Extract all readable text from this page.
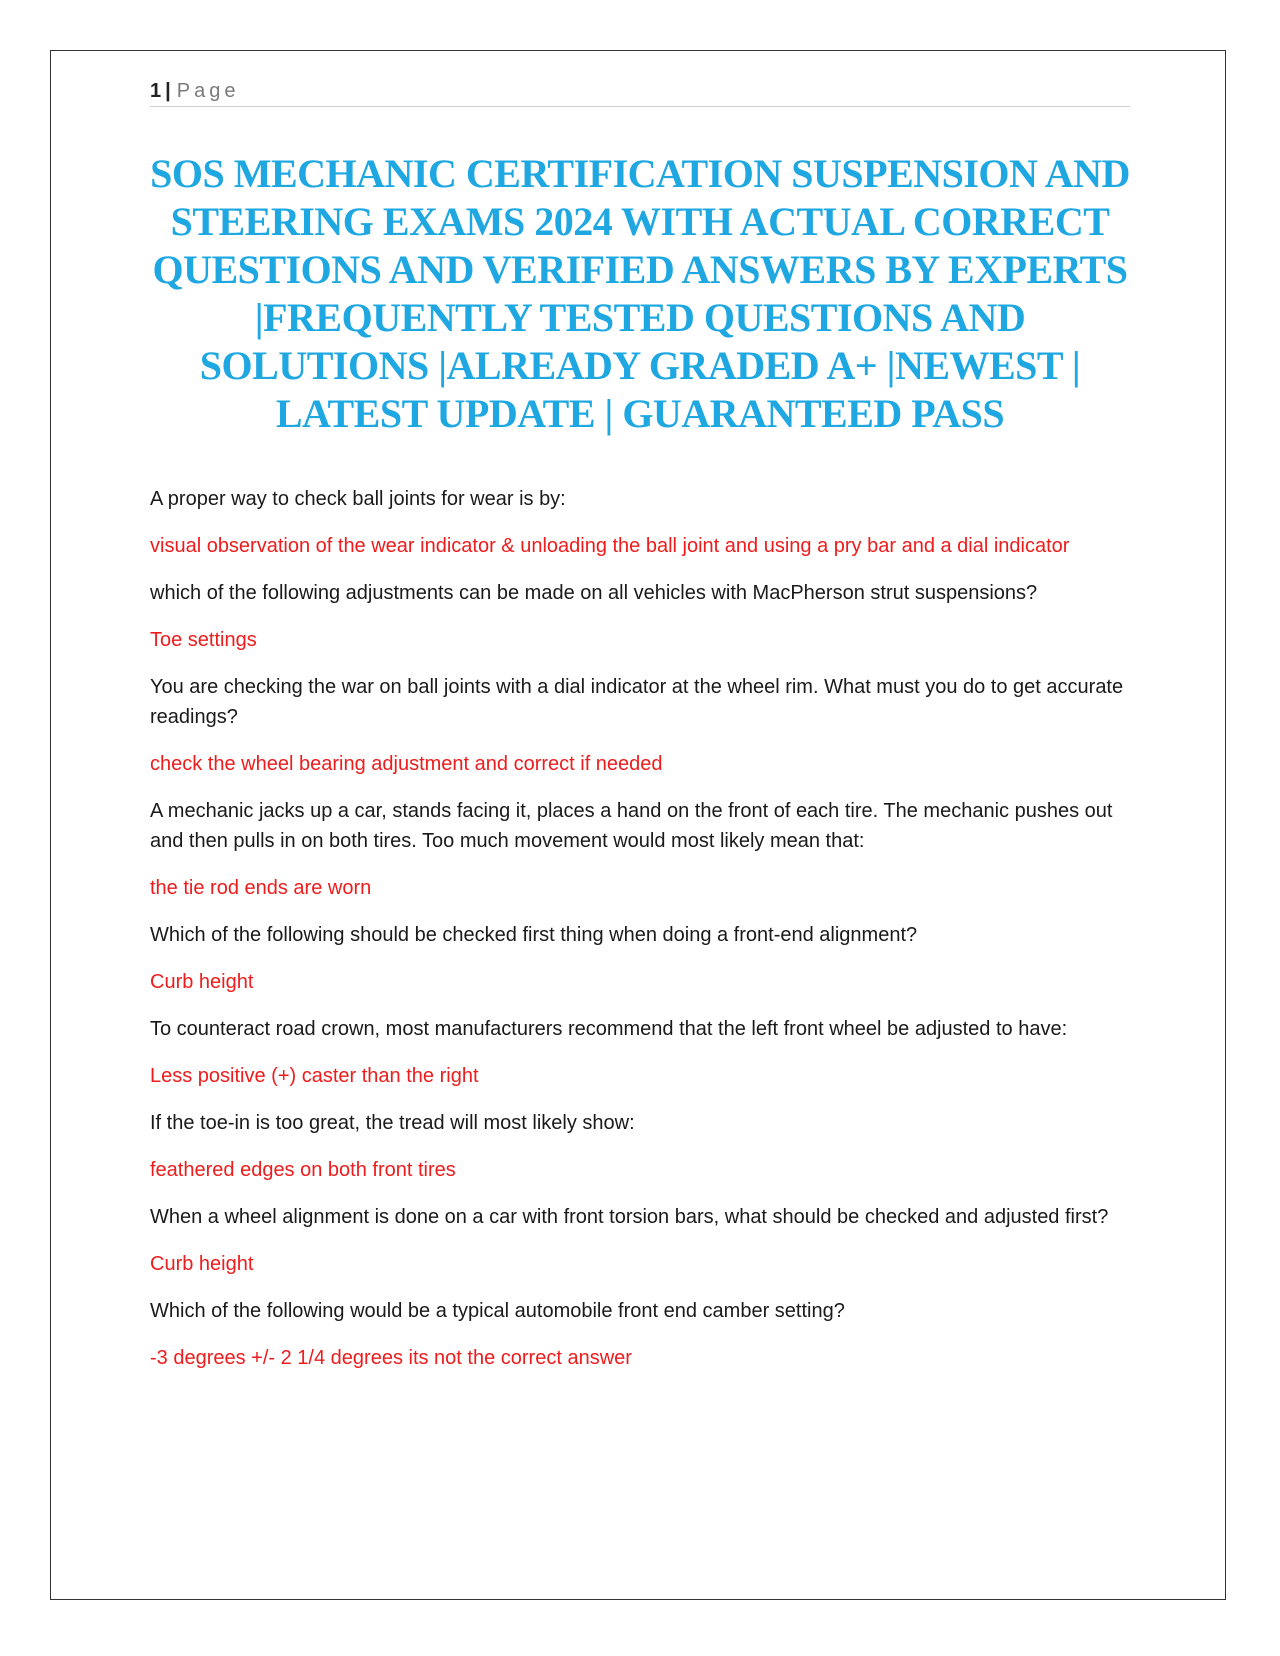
1 | Page
SOS MECHANIC CERTIFICATION SUSPENSION AND STEERING EXAMS 2024 WITH ACTUAL CORRECT QUESTIONS AND VERIFIED ANSWERS BY EXPERTS |FREQUENTLY TESTED QUESTIONS AND SOLUTIONS |ALREADY GRADED A+ |NEWEST | LATEST UPDATE | GUARANTEED PASS

A proper way to check ball joints for wear is by:

visual observation of the wear indicator & unloading the ball joint and using a pry bar and a dial indicator

which of the following adjustments can be made on all vehicles with MacPherson strut suspensions?

Toe settings

You are checking the war on ball joints with a dial indicator at the wheel rim. What must you do to get accurate readings?

check the wheel bearing adjustment and correct if needed

A mechanic jacks up a car, stands facing it, places a hand on the front of each tire. The mechanic pushes out and then pulls in on both tires. Too much movement would most likely mean that:

the tie rod ends are worn

Which of the following should be checked first thing when doing a front-end alignment?

Curb height

To counteract road crown, most manufacturers recommend that the left front wheel be adjusted to have:

Less positive (+) caster than the right

If the toe-in is too great, the tread will most likely show:

feathered edges on both front tires

When a wheel alignment is done on a car with front torsion bars, what should be checked and adjusted first?

Curb height

Which of the following would be a typical automobile front end camber setting?

-3 degrees +/- 2 1/4 degrees its not the correct answer
